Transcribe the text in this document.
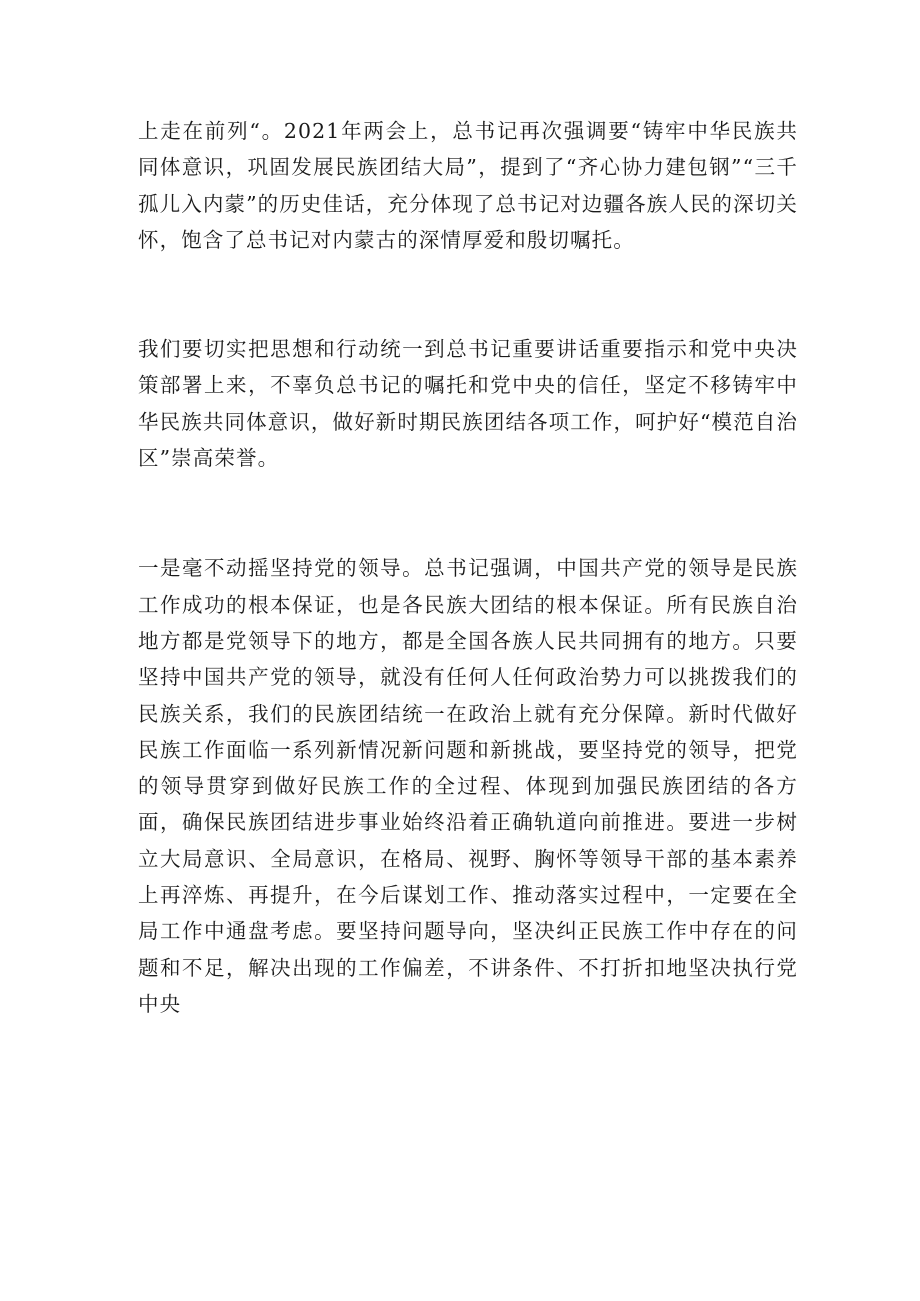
上走在前列“。2021年两会上，总书记再次强调要“铸牢中华民族共同体意识，巩固发展民族团结大局”，提到了“齐心协力建包钢”“三千孤儿入内蒙”的历史佳话，充分体现了总书记对边疆各族人民的深切关怀，饱含了总书记对内蒙古的深情厚爱和殷切嘱托。

我们要切实把思想和行动统一到总书记重要讲话重要指示和党中央决策部署上来，不辜负总书记的嘱托和党中央的信任，坚定不移铸牢中华民族共同体意识，做好新时期民族团结各项工作，呵护好“模范自治区”崇高荣誉。

一是毫不动摇坚持党的领导。总书记强调，中国共产党的领导是民族工作成功的根本保证，也是各民族大团结的根本保证。所有民族自治地方都是党领导下的地方，都是全国各族人民共同拥有的地方。只要坚持中国共产党的领导，就没有任何人任何政治势力可以挑拨我们的民族关系，我们的民族团结统一在政治上就有充分保障。新时代做好民族工作面临一系列新情况新问题和新挑战，要坚持党的领导，把党的领导贯穿到做好民族工作的全过程、体现到加强民族团结的各方面，确保民族团结进步事业始终沿着正确轨道向前推进。要进一步树立大局意识、全局意识，在格局、视野、胸怀等领导干部的基本素养上再淬炼、再提升，在今后谋划工作、推动落实过程中，一定要在全局工作中通盘考虑。要坚持问题导向，坚决纠正民族工作中存在的问题和不足，解决出现的工作偏差，不讲条件、不打折扣地坚决执行党中央
